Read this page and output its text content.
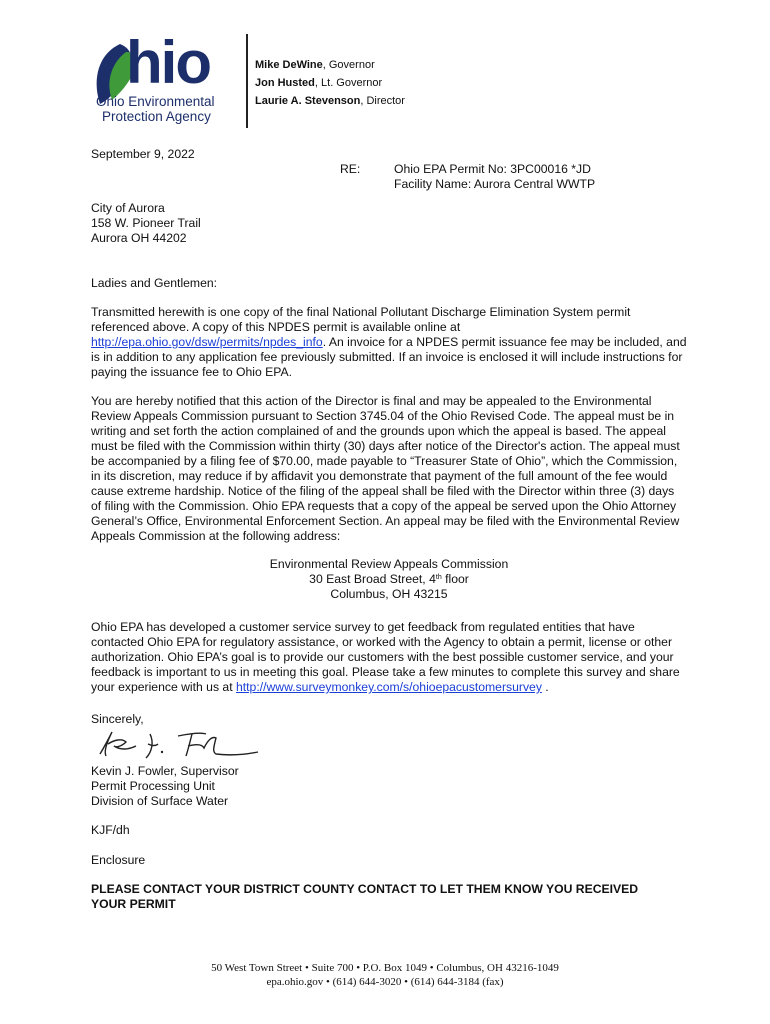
hio
Ohio Environmental
Protection Agency
Mike DeWine, Governor
Jon Husted, Lt. Governor
Laurie A. Stevenson, Director
September 9, 2022
RE:	Ohio EPA Permit No: 3PC00016 *JD
Facility Name: Aurora Central WWTP
City of Aurora
158 W. Pioneer Trail
Aurora OH 44202
Ladies and Gentlemen:
Transmitted herewith is one copy of the final National Pollutant Discharge Elimination System permit referenced above. A copy of this NPDES permit is available online at http://epa.ohio.gov/dsw/permits/npdes_info. An invoice for a NPDES permit issuance fee may be included, and is in addition to any application fee previously submitted. If an invoice is enclosed it will include instructions for paying the issuance fee to Ohio EPA.
You are hereby notified that this action of the Director is final and may be appealed to the Environmental Review Appeals Commission pursuant to Section 3745.04 of the Ohio Revised Code. The appeal must be in writing and set forth the action complained of and the grounds upon which the appeal is based. The appeal must be filed with the Commission within thirty (30) days after notice of the Director's action. The appeal must be accompanied by a filing fee of $70.00, made payable to “Treasurer State of Ohio”, which the Commission, in its discretion, may reduce if by affidavit you demonstrate that payment of the full amount of the fee would cause extreme hardship. Notice of the filing of the appeal shall be filed with the Director within three (3) days of filing with the Commission. Ohio EPA requests that a copy of the appeal be served upon the Ohio Attorney General’s Office, Environmental Enforcement Section. An appeal may be filed with the Environmental Review Appeals Commission at the following address:
Environmental Review Appeals Commission
30 East Broad Street, 4th floor
Columbus, OH 43215
Ohio EPA has developed a customer service survey to get feedback from regulated entities that have contacted Ohio EPA for regulatory assistance, or worked with the Agency to obtain a permit, license or other authorization. Ohio EPA’s goal is to provide our customers with the best possible customer service, and your feedback is important to us in meeting this goal. Please take a few minutes to complete this survey and share your experience with us at http://www.surveymonkey.com/s/ohioepacustomersurvey .
Sincerely,
Kevin J. Fowler, Supervisor
Permit Processing Unit
Division of Surface Water
KJF/dh
Enclosure
PLEASE CONTACT YOUR DISTRICT COUNTY CONTACT TO LET THEM KNOW YOU RECEIVED YOUR PERMIT
50 West Town Street • Suite 700 • P.O. Box 1049 • Columbus, OH 43216-1049
epa.ohio.gov • (614) 644-3020 • (614) 644-3184 (fax)
